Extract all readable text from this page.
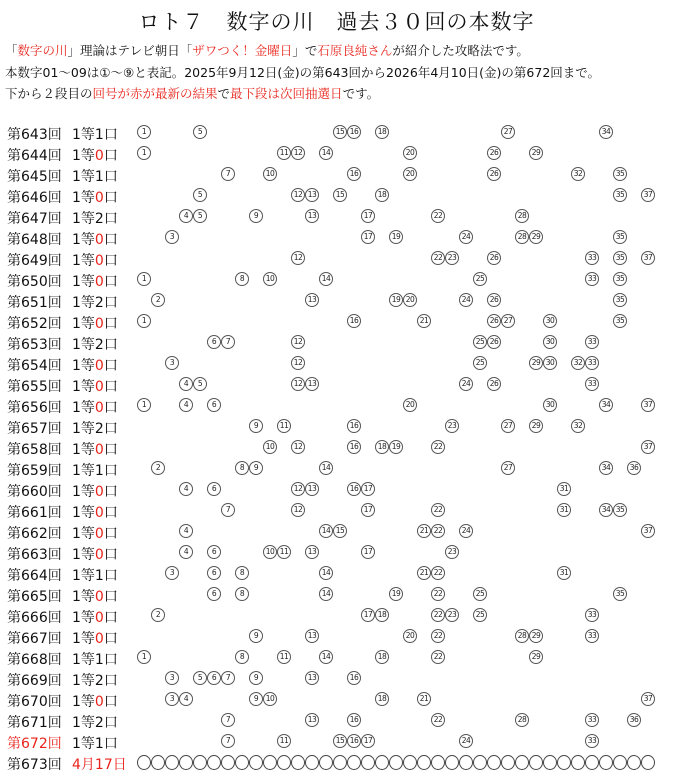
ロト７　数字の川　過去３０回の本数字
「数字の川」理論はテレビ朝日「ザワつく！金曜日」で石原良純さんが紹介した攻略法です。
本数字01〜09は①〜⑨と表記。2025年9月12日(金)の第643回から2026年4月10日(金)の第672回まで。
下から２段目の回号が赤が最新の結果で最下段は次回抽選日です。
第643回 1等1口	1	5	15 16	18	27	34
第644回 1等0口	1	11 12	14	20	26	29
第645回 1等1口	7	10	16	20	26	32	35
第646回 1等0口	5	12 13	15	18	35	37
第647回 1等2口	4	5	9	13	17	22	28
第648回 1等0口	3	17	19	24	28 29	35
第649回 1等0口	12	22 23	26	33	35	37
第650回 1等0口	1	8	10	14	25	33	35
第651回 1等2口	2	13	19 20	24	26	35
第652回 1等0口	1	16	21	26 27	30	35
第653回 1等2口	6	7	12	25 26	30	33
第654回 1等0口	3	12	25	29 30	32 33
第655回 1等0口	4	5	12 13	24	26	33
第656回 1等0口	1	4	6	20	30	34	37
第657回 1等2口	9	11	16	23	27	29	32
第658回 1等0口	10	12	16	18 19	22	37
第659回 1等1口	2	8	9	14	27	34	36
第660回 1等0口	4	6	12 13	16 17	31
第661回 1等0口	7	12	17	22	31	34 35
第662回 1等0口	4	14 15	21 22	24	37
第663回 1等0口	4	6	10 11	13	17	23
第664回 1等1口	3	6	8	14	21 22	31
第665回 1等0口	6	8	14	19	22	25	35
第666回 1等0口	2	17 18	22 23	25	33
第667回 1等0口	9	13	20	22	28 29	33
第668回 1等1口	1	8	11	14	18	22	29
第669回 1等2口	3	5	6	7	9	13	16
第670回 1等0口	3	4	9	10	18	21	37
第671回 1等2口	7	13	16	22	28	33	36
第672回 1等1口	7	11	15 16 17	24	33
第673回 4月17日
